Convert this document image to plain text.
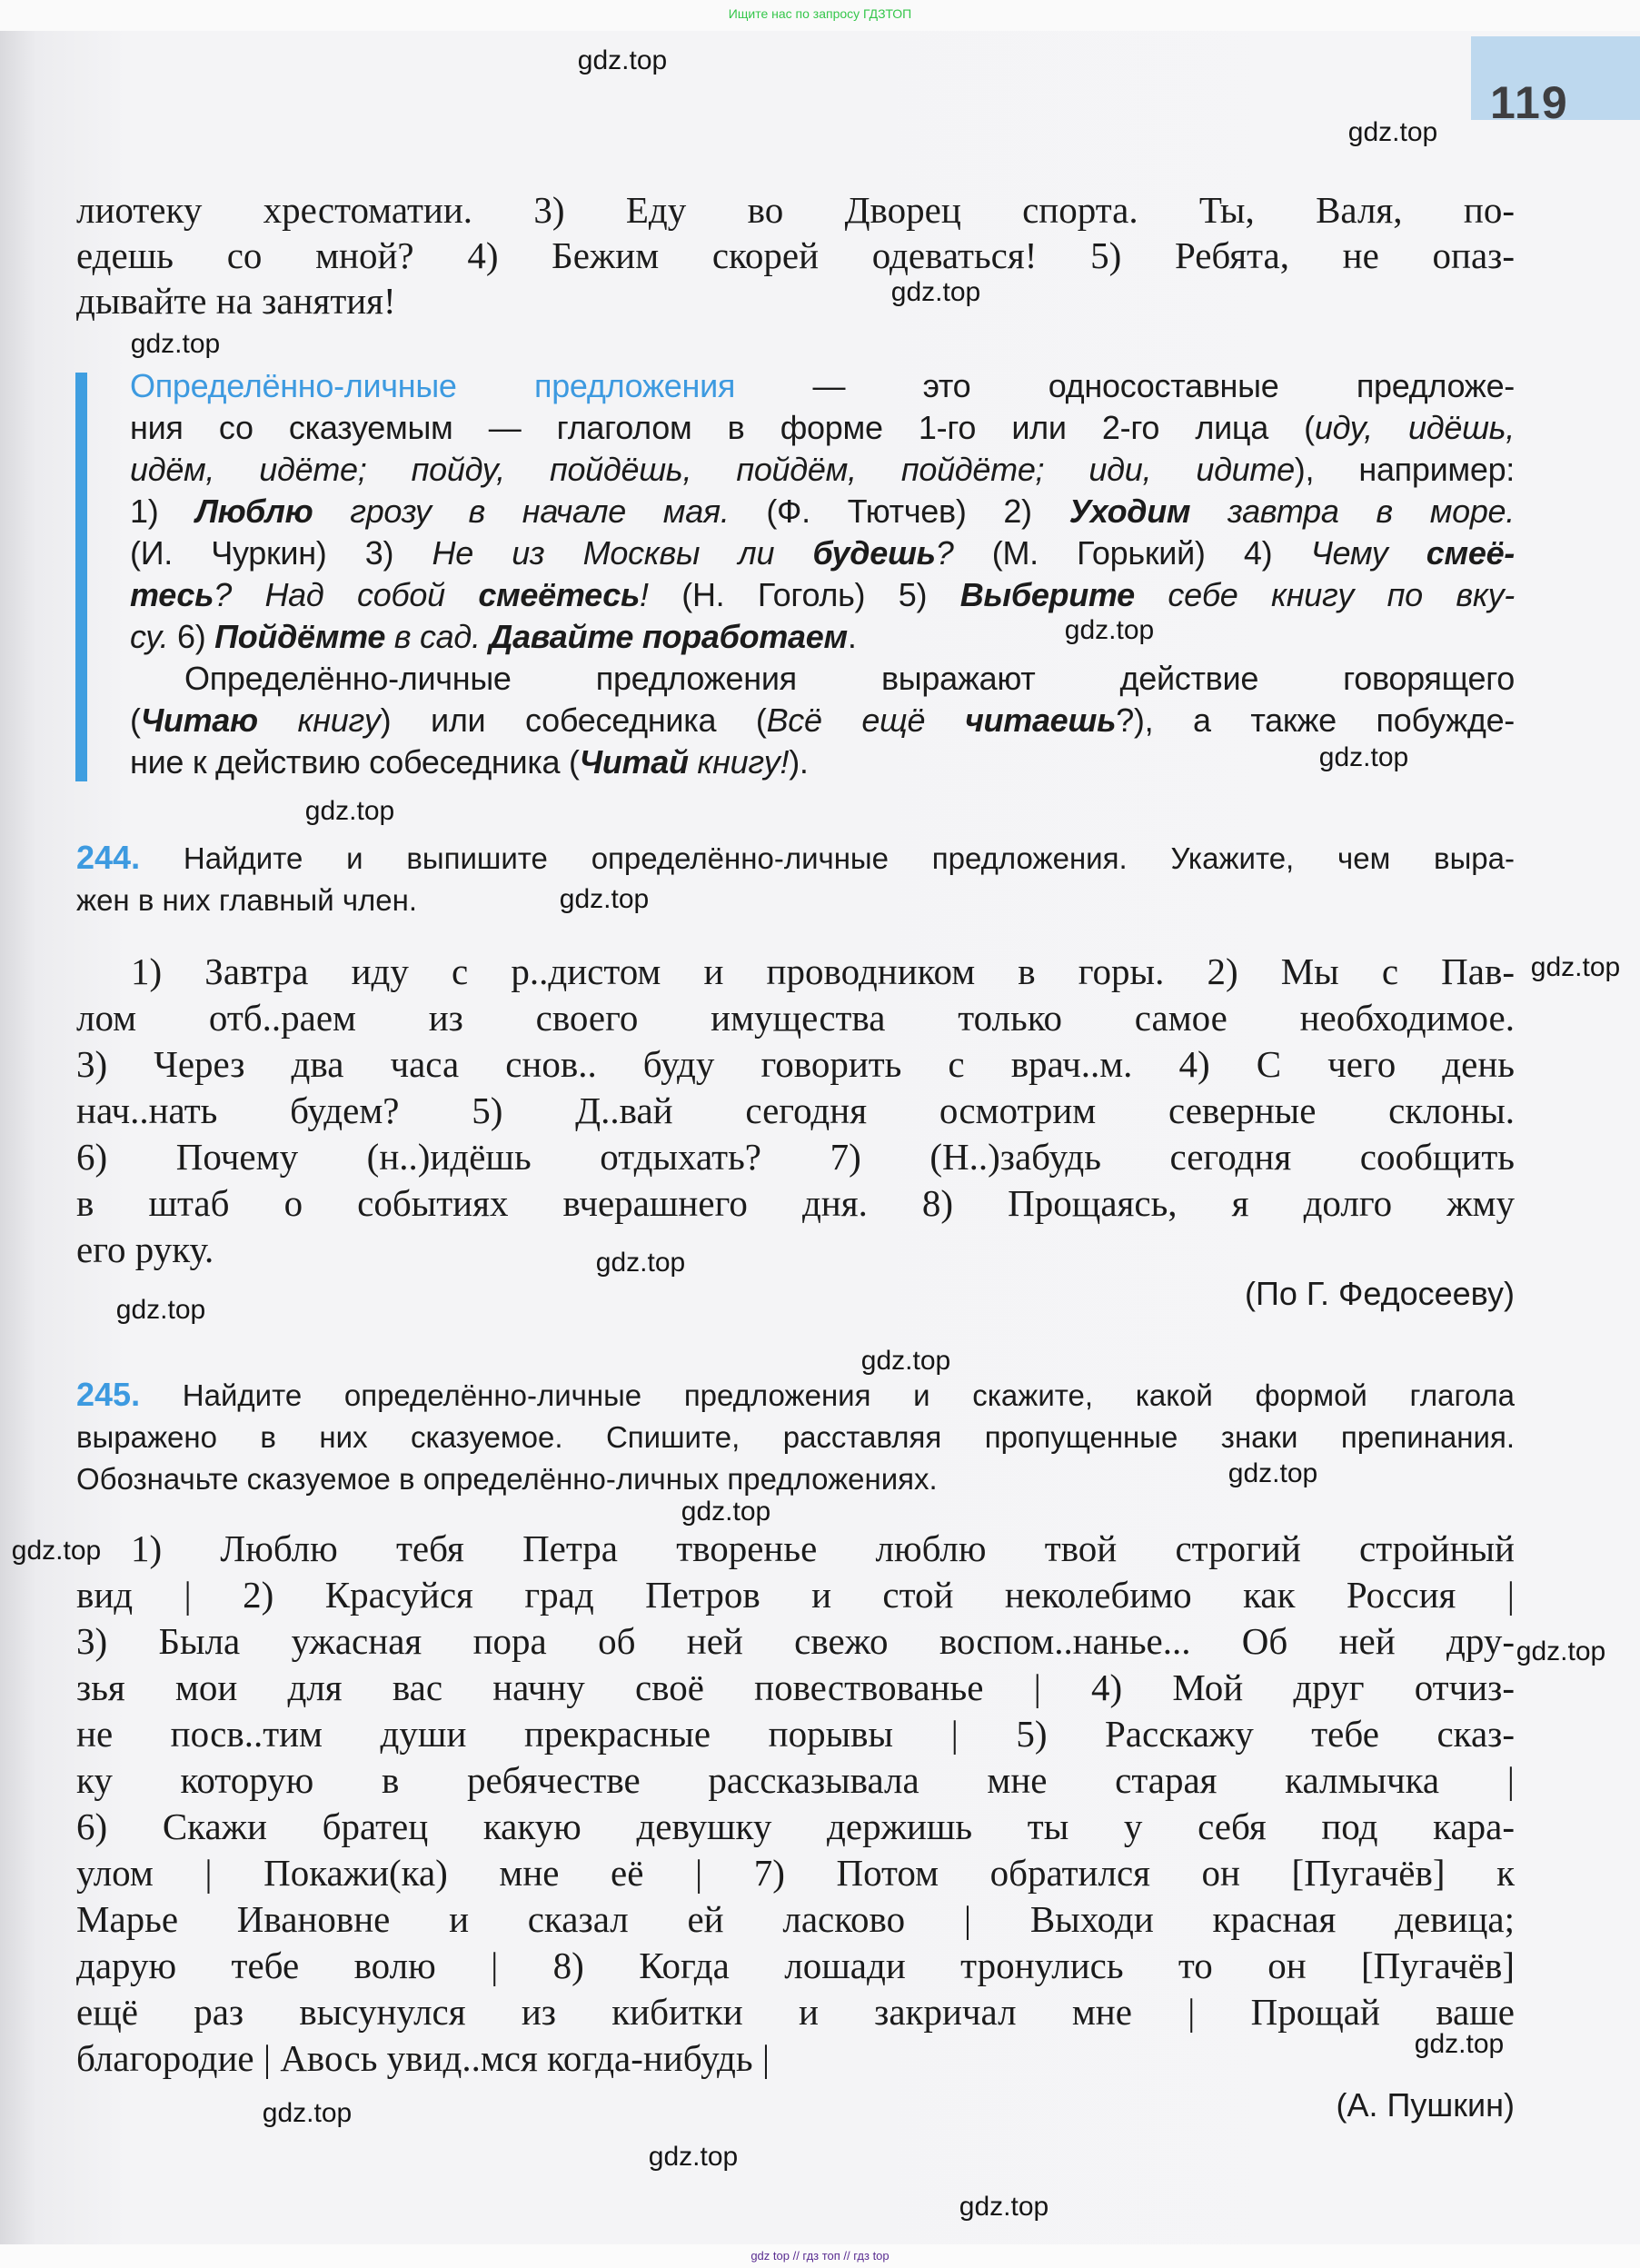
Ищите нас по запросу ГДЗТОП
119
лиотеку хрестоматии. 3) Еду во Дворец спорта. Ты, Валя, по-
едешь со мной? 4) Бежим скорей одеваться! 5) Ребята, не опаз-
дывайте на занятия!
Определённо-личные предложения — это односоставные предложе-
ния со сказуемым — глаголом в форме 1-го или 2-го лица (иду, идёшь,
идём, идёте; пойду, пойдёшь, пойдём, пойдёте; иди, идите), например:
1) Люблю грозу в начале мая. (Ф. Тютчев) 2) Уходим завтра в море.
(И. Чуркин) 3) Не из Москвы ли будешь? (М. Горький) 4) Чему смеё-
тесь? Над собой смеётесь! (Н. Гоголь) 5) Выберите себе книгу по вку-
су. 6) Пойдёмте в сад. Давайте поработаем.
Определённо-личные предложения выражают действие говорящего
(Читаю книгу) или собеседника (Всё ещё читаешь?), а также побужде-
ние к действию собеседника (Читай книгу!).
244. Найдите и выпишите определённо-личные предложения. Укажите, чем выра-
жен в них главный член.
1) Завтра иду с р..дистом и проводником в горы. 2) Мы с Пав-
лом отб..раем из своего имущества только самое необходимое.
3) Через два часа снов.. буду говорить с врач..м. 4) С чего день
нач..нать будем? 5) Д..вай сегодня осмотрим северные склоны.
6) Почему (н..)идёшь отдыхать? 7) (Н..)забудь сегодня сообщить
в штаб о событиях вчерашнего дня. 8) Прощаясь, я долго жму
его руку.
(По Г. Федосееву)
245. Найдите определённо-личные предложения и скажите, какой формой глагола
выражено в них сказуемое. Спишите, расставляя пропущенные знаки препинания.
Обозначьте сказуемое в определённо-личных предложениях.
1) Люблю тебя Петра творенье люблю твой строгий стройный
вид | 2) Красуйся град Петров и стой неколебимо как Россия |
3) Была ужасная пора об ней свежо воспом..нанье... Об ней дру-
зья мои для вас начну своё повествованье | 4) Мой друг отчиз-
не посв..тим души прекрасные порывы | 5) Расскажу тебе сказ-
ку которую в ребячестве рассказывала мне старая калмычка |
6) Скажи братец какую девушку держишь ты у себя под кара-
улом | Покажи(ка) мне её | 7) Потом обратился он [Пугачёв] к
Марье Ивановне и сказал ей ласково | Выходи красная девица;
дарую тебе волю | 8) Когда лошади тронулись то он [Пугачёв]
ещё раз высунулся из кибитки и закричал мне | Прощай ваше
благородие | Авось увид..мся когда-нибудь |
(А. Пушкин)
gdz.top
gdz.top
gdz.top
gdz.top
gdz.top
gdz.top
gdz.top
gdz.top
gdz.top
gdz.top
gdz.top
gdz.top
gdz.top
gdz.top
gdz.top
gdz.top
gdz.top
gdz.top
gdz.top
gdz.top
gdz top // гдз топ // гдз top
